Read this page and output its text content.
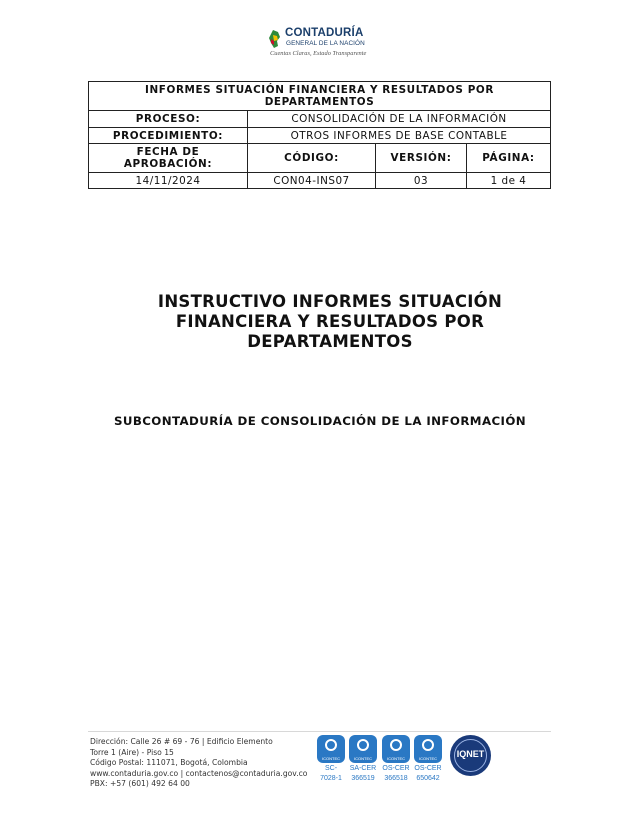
CONTADURÍA
GENERAL DE LA NACIÓN
Cuentas Claras, Estado Transparente
INFORMES SITUACIÓN FINANCIERA Y RESULTADOS POR DEPARTAMENTOS			
PROCESO:	CONSOLIDACIÓN DE LA INFORMACIÓN		
PROCEDIMIENTO:	OTROS INFORMES DE BASE CONTABLE		
FECHA DE APROBACIÓN:	CÓDIGO:	VERSIÓN:	PÁGINA:
14/11/2024	CON04-INS07	03	1 de 4
INSTRUCTIVO INFORMES SITUACIÓN FINANCIERA Y RESULTADOS POR DEPARTAMENTOS
SUBCONTADURÍA DE CONSOLIDACIÓN DE LA INFORMACIÓN
Dirección: Calle 26 # 69 - 76 | Edificio Elemento
Torre 1 (Aire) - Piso 15
Código Postal: 111071, Bogotá, Colombia
www.contaduria.gov.co | contactenos@contaduria.gov.co
PBX: +57 (601) 492 64 00
ICONTEC
SC-
7028-1
ICONTEC
SA-CER
366519
ICONTEC
OS-CER
366518
ICONTEC
OS-CER
650642
IQNET
